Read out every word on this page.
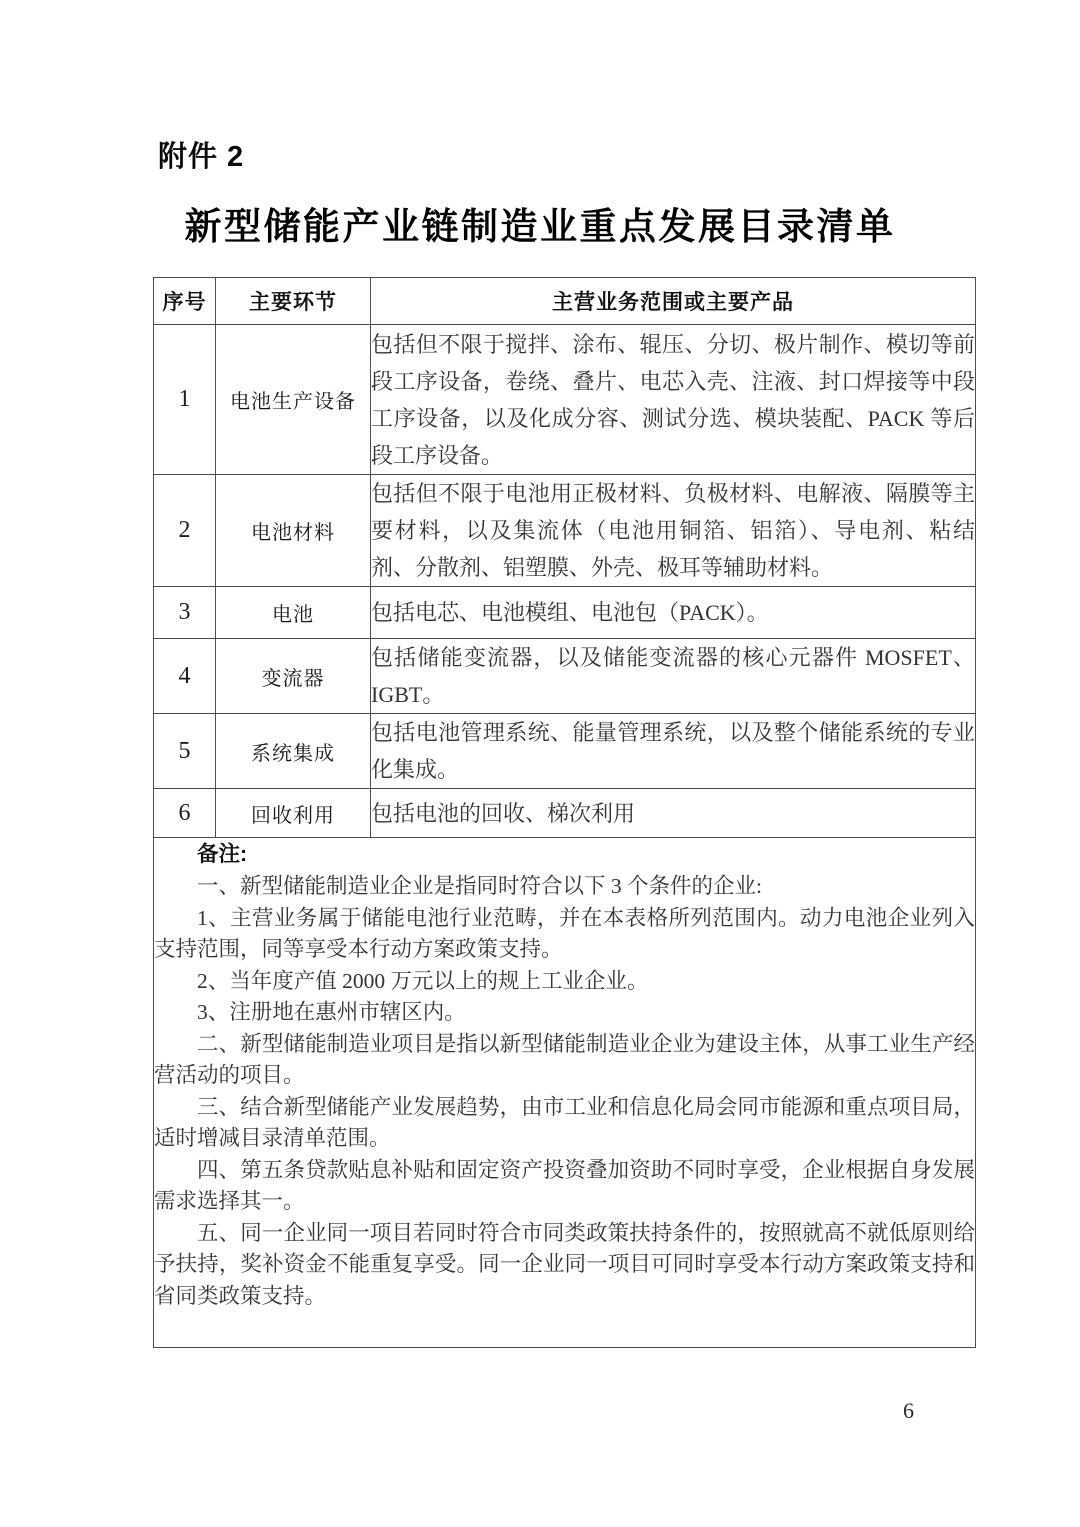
附件 2
新型储能产业链制造业重点发展目录清单
序号	主要环节	主营业务范围或主要产品
1	电池生产设备	包括但不限于搅拌、涂布、辊压、分切、极片制作、模切等前段工序设备，卷绕、叠片、电芯入壳、注液、封口焊接等中段工序设备，以及化成分容、测试分选、模块装配、PACK 等后段工序设备。
2	电池材料	包括但不限于电池用正极材料、负极材料、电解液、隔膜等主要材料，以及集流体（电池用铜箔、铝箔）、导电剂、粘结剂、分散剂、铝塑膜、外壳、极耳等辅助材料。
3	电池	包括电芯、电池模组、电池包（PACK）。
4	变流器	包括储能变流器，以及储能变流器的核心元器件 MOSFET、IGBT。
5	系统集成	包括电池管理系统、能量管理系统，以及整个储能系统的专业化集成。
6	回收利用	包括电池的回收、梯次利用

备注:

一、新型储能制造业企业是指同时符合以下 3 个条件的企业:

1、主营业务属于储能电池行业范畴，并在本表格所列范围内。动力电池企业列入支持范围，同等享受本行动方案政策支持。

2、当年度产值 2000 万元以上的规上工业企业。

3、注册地在惠州市辖区内。

二、新型储能制造业项目是指以新型储能制造业企业为建设主体，从事工业生产经营活动的项目。

三、结合新型储能产业发展趋势，由市工业和信息化局会同市能源和重点项目局，适时增减目录清单范围。

四、第五条贷款贴息补贴和固定资产投资叠加资助不同时享受，企业根据自身发展需求选择其一。

五、同一企业同一项目若同时符合市同类政策扶持条件的，按照就高不就低原则给予扶持，奖补资金不能重复享受。同一企业同一项目可同时享受本行动方案政策支持和省同类政策支持。

6
